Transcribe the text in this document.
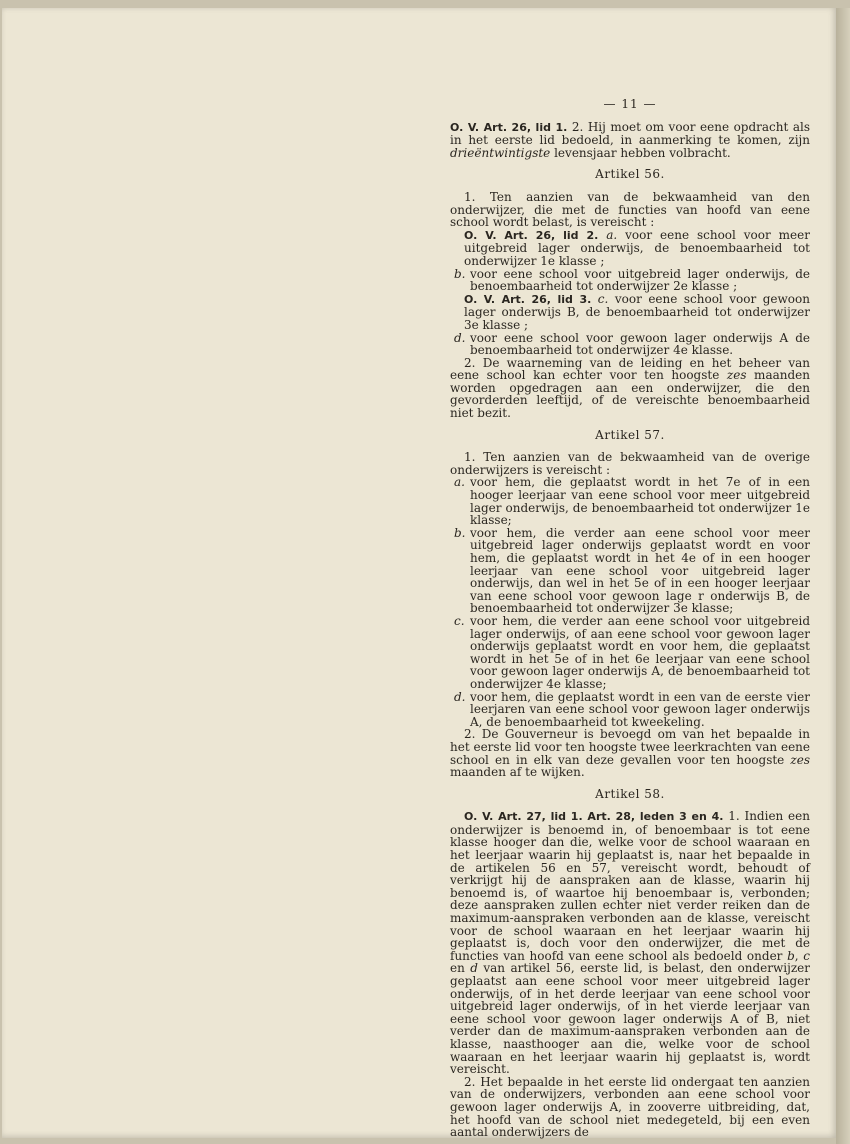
— 11 —

O. V. Art. 26, lid 1. 2. Hij moet om voor eene opdracht als in het eerste lid bedoeld, in aanmerking te komen, zijn drieëntwintigste levensjaar hebben volbracht.

Artikel 56.

1. Ten aanzien van de bekwaamheid van den onderwijzer, die met de functies van hoofd van eene school wordt belast, is vereischt :

O. V. Art. 26, lid 2. a. voor eene school voor meer uitgebreid lager onderwijs, de benoembaarheid tot onderwijzer 1e klasse ;
b. voor eene school voor uitgebreid lager onderwijs, de benoembaarheid tot onderwijzer 2e klasse ;
O. V. Art. 26, lid 3. c. voor eene school voor gewoon lager onderwijs B, de benoembaarheid tot onderwijzer 3e klasse ;
d. voor eene school voor gewoon lager onderwijs A de benoembaarheid tot onderwijzer 4e klasse.

2. De waarneming van de leiding en het beheer van eene school kan echter voor ten hoogste zes maanden worden opgedragen aan een onderwijzer, die den gevorderden leeftijd, of de vereischte benoembaarheid niet bezit.

Artikel 57.

1. Ten aanzien van de bekwaamheid van de overige onderwijzers is vereischt :

a. voor hem, die geplaatst wordt in het 7e of in een hooger leerjaar van eene school voor meer uitgebreid lager onderwijs, de benoembaarheid tot onderwijzer 1e klasse;
b. voor hem, die verder aan eene school voor meer uitgebreid lager onderwijs geplaatst wordt en voor hem, die geplaatst wordt in het 4e of in een hooger leerjaar van eene school voor uitgebreid lager onderwijs, dan wel in het 5e of in een hooger leerjaar van eene school voor gewoon lage r onderwijs B, de benoembaarheid tot onderwijzer 3e klasse;
c. voor hem, die verder aan eene school voor uitgebreid lager onderwijs, of aan eene school voor gewoon lager onderwijs geplaatst wordt en voor hem, die geplaatst wordt in het 5e of in het 6e leerjaar van eene school voor gewoon lager onderwijs A, de benoembaarheid tot onderwijzer 4e klasse;
d. voor hem, die geplaatst wordt in een van de eerste vier leerjaren van eene school voor gewoon lager onderwijs A, de benoembaarheid tot kweekeling.

2. De Gouverneur is bevoegd om van het bepaalde in het eerste lid voor ten hoogste twee leerkrachten van eene school en in elk van deze gevallen voor ten hoogste zes maanden af te wijken.

Artikel 58.

O. V. Art. 27, lid 1. Art. 28, leden 3 en 4. 1. Indien een onderwijzer is benoemd in, of benoembaar is tot eene klasse hooger dan die, welke voor de school waaraan en het leerjaar waarin hij geplaatst is, naar het bepaalde in de artikelen 56 en 57, vereischt wordt, behoudt of verkrijgt hij de aanspraken aan de klasse, waarin hij benoemd is, of waartoe hij benoembaar is, verbonden; deze aanspraken zullen echter niet verder reiken dan de maximum-aanspraken verbonden aan de klasse, vereischt voor de school waaraan en het leerjaar waarin hij geplaatst is, doch voor den onderwijzer, die met de functies van hoofd van eene school als bedoeld onder b, c en d van artikel 56, eerste lid, is belast, den onderwijzer geplaatst aan eene school voor meer uitgebreid lager onderwijs, of in het derde leerjaar van eene school voor uitgebreid lager onderwijs, of in het vierde leerjaar van eene school voor gewoon lager onderwijs A of B, niet verder dan de maximum-aanspraken verbonden aan de klasse, naasthooger aan die, welke voor de school waaraan en het leerjaar waarin hij geplaatst is, wordt vereischt.

2. Het bepaalde in het eerste lid ondergaat ten aanzien van de onderwijzers, verbonden aan eene school voor gewoon lager onderwijs A, in zooverre uitbreiding, dat, het hoofd van de school niet medegeteld, bij een even aantal onderwijzers de
